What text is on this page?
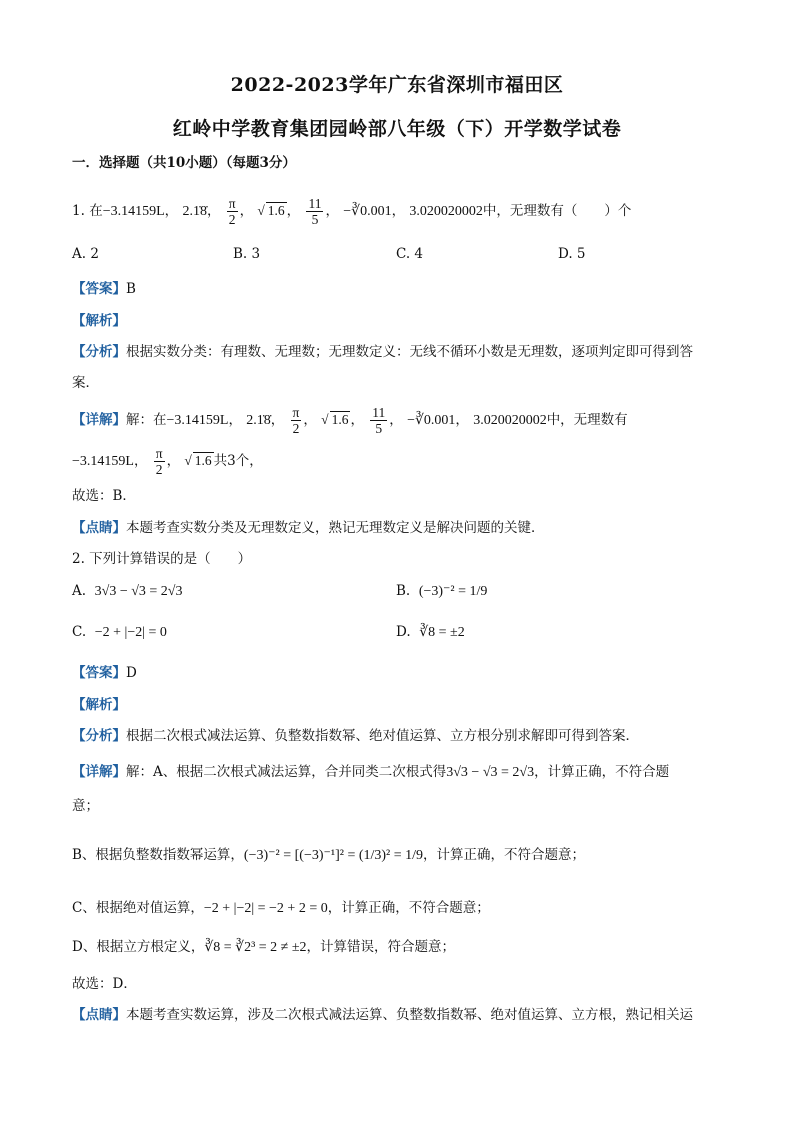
2022-2023学年广东省深圳市福田区
红岭中学教育集团园岭部八年级（下）开学数学试卷
一．选择题（共10小题）（每题3分）
1. 在−3.14159L， 2.1̇8̇， $\frac{\pi}{2}$ ， √ 1.6 ， $\frac{11}{5}$ ， −∛0.001， 3.020020002中，无理数有（　　）个
A. 2	B. 3	C. 4	D. 5
【答案】B
【解析】
【分析】根据实数分类：有理数、无理数；无理数定义：无线不循环小数是无理数，逐项判定即可得到答
案．
【详解】解：在−3.14159L， 2.1̇8̇， $\frac{\pi}{2}$ ， √ 1.6 ， $\frac{11}{5}$ ， −∛0.001， 3.020020002中，无理数有
−3.14159L， $\frac{\pi}{2}$ ， √ 1.6 共3个，
故选：B．
【点睛】本题考查实数分类及无理数定义，熟记无理数定义是解决问题的关键．
2. 下列计算错误的是（　　）
A. 3√3 − √3 = 2√3	B. (−3)⁻² = 1/9
C. −2 + |−2| = 0	D. ∛8 = ±2
【答案】D
【解析】
【分析】根据二次根式减法运算、负整数指数幂、绝对值运算、立方根分别求解即可得到答案．
【详解】解：A、根据二次根式减法运算，合并同类二次根式得3√3 − √3 = 2√3，计算正确，不符合题
意；
B、根据负整数指数幂运算，(−3)⁻² = [(−3)⁻¹]² = (1/3)² = 1/9，计算正确，不符合题意；
C、根据绝对值运算，−2 + |−2| = −2 + 2 = 0，计算正确，不符合题意；
D、根据立方根定义，∛8 = ∛2³ = 2 ≠ ±2，计算错误，符合题意；
故选：D．
【点睛】本题考查实数运算，涉及二次根式减法运算、负整数指数幂、绝对值运算、立方根，熟记相关运
